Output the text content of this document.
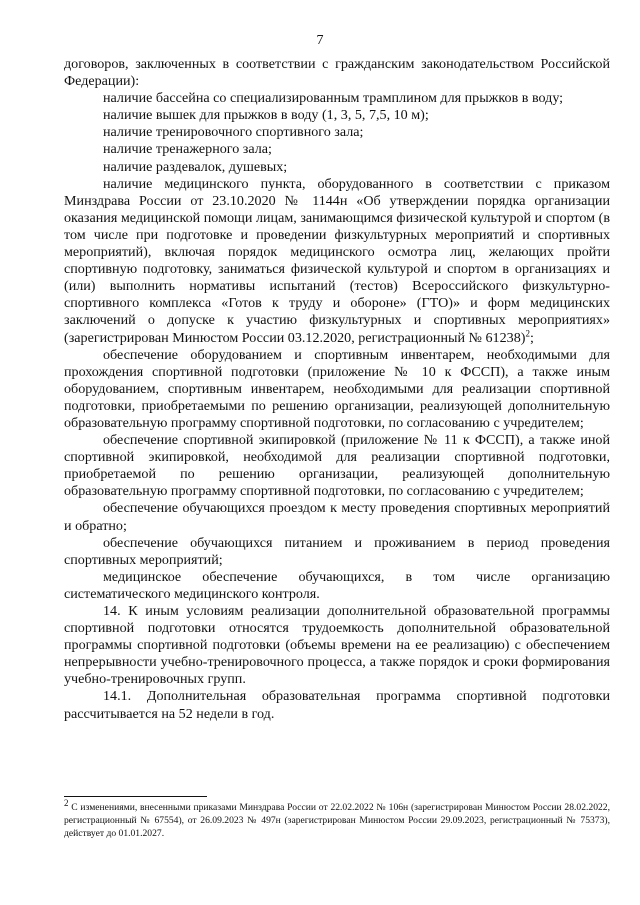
7

договоров, заключенных в соответствии с гражданским законодательством Российской Федерации):

наличие бассейна со специализированным трамплином для прыжков в воду;

наличие вышек для прыжков в воду (1, 3, 5, 7,5, 10 м);

наличие тренировочного спортивного зала;

наличие тренажерного зала;

наличие раздевалок, душевых;

наличие медицинского пункта, оборудованного в соответствии с приказом Минздрава России от 23.10.2020 № 1144н «Об утверждении порядка организации оказания медицинской помощи лицам, занимающимся физической культурой и спортом (в том числе при подготовке и проведении физкультурных мероприятий и спортивных мероприятий), включая порядок медицинского осмотра лиц, желающих пройти спортивную подготовку, заниматься физической культурой и спортом в организациях и (или) выполнить нормативы испытаний (тестов) Всероссийского физкультурно-спортивного комплекса «Готов к труду и обороне» (ГТО)» и форм медицинских заключений о допуске к участию физкультурных и спортивных мероприятиях» (зарегистрирован Минюстом России 03.12.2020, регистрационный № 61238)$^2$;

обеспечение оборудованием и спортивным инвентарем, необходимыми для прохождения спортивной подготовки (приложение № 10 к ФССП), а также иным оборудованием, спортивным инвентарем, необходимыми для реализации спортивной подготовки, приобретаемыми по решению организации, реализующей дополнительную образовательную программу спортивной подготовки, по согласованию с учредителем;

обеспечение спортивной экипировкой (приложение № 11 к ФССП), а также иной спортивной экипировкой, необходимой для реализации спортивной подготовки, приобретаемой по решению организации, реализующей дополнительную образовательную программу спортивной подготовки, по согласованию с учредителем;

обеспечение обучающихся проездом к месту проведения спортивных мероприятий и обратно;

обеспечение обучающихся питанием и проживанием в период проведения спортивных мероприятий;

медицинское обеспечение обучающихся, в том числе организацию систематического медицинского контроля.

14. К иным условиям реализации дополнительной образовательной программы спортивной подготовки относятся трудоемкость дополнительной образовательной программы спортивной подготовки (объемы времени на ее реализацию) с обеспечением непрерывности учебно-тренировочного процесса, а также порядок и сроки формирования учебно-тренировочных групп.

14.1. Дополнительная образовательная программа спортивной подготовки рассчитывается на 52 недели в год.

$^2$ С изменениями, внесенными приказами Минздрава России от 22.02.2022 № 106н (зарегистрирован Минюстом России 28.02.2022, регистрационный № 67554), от 26.09.2023 № 497н (зарегистрирован Минюстом России 29.09.2023, регистрационный № 75373), действует до 01.01.2027.
